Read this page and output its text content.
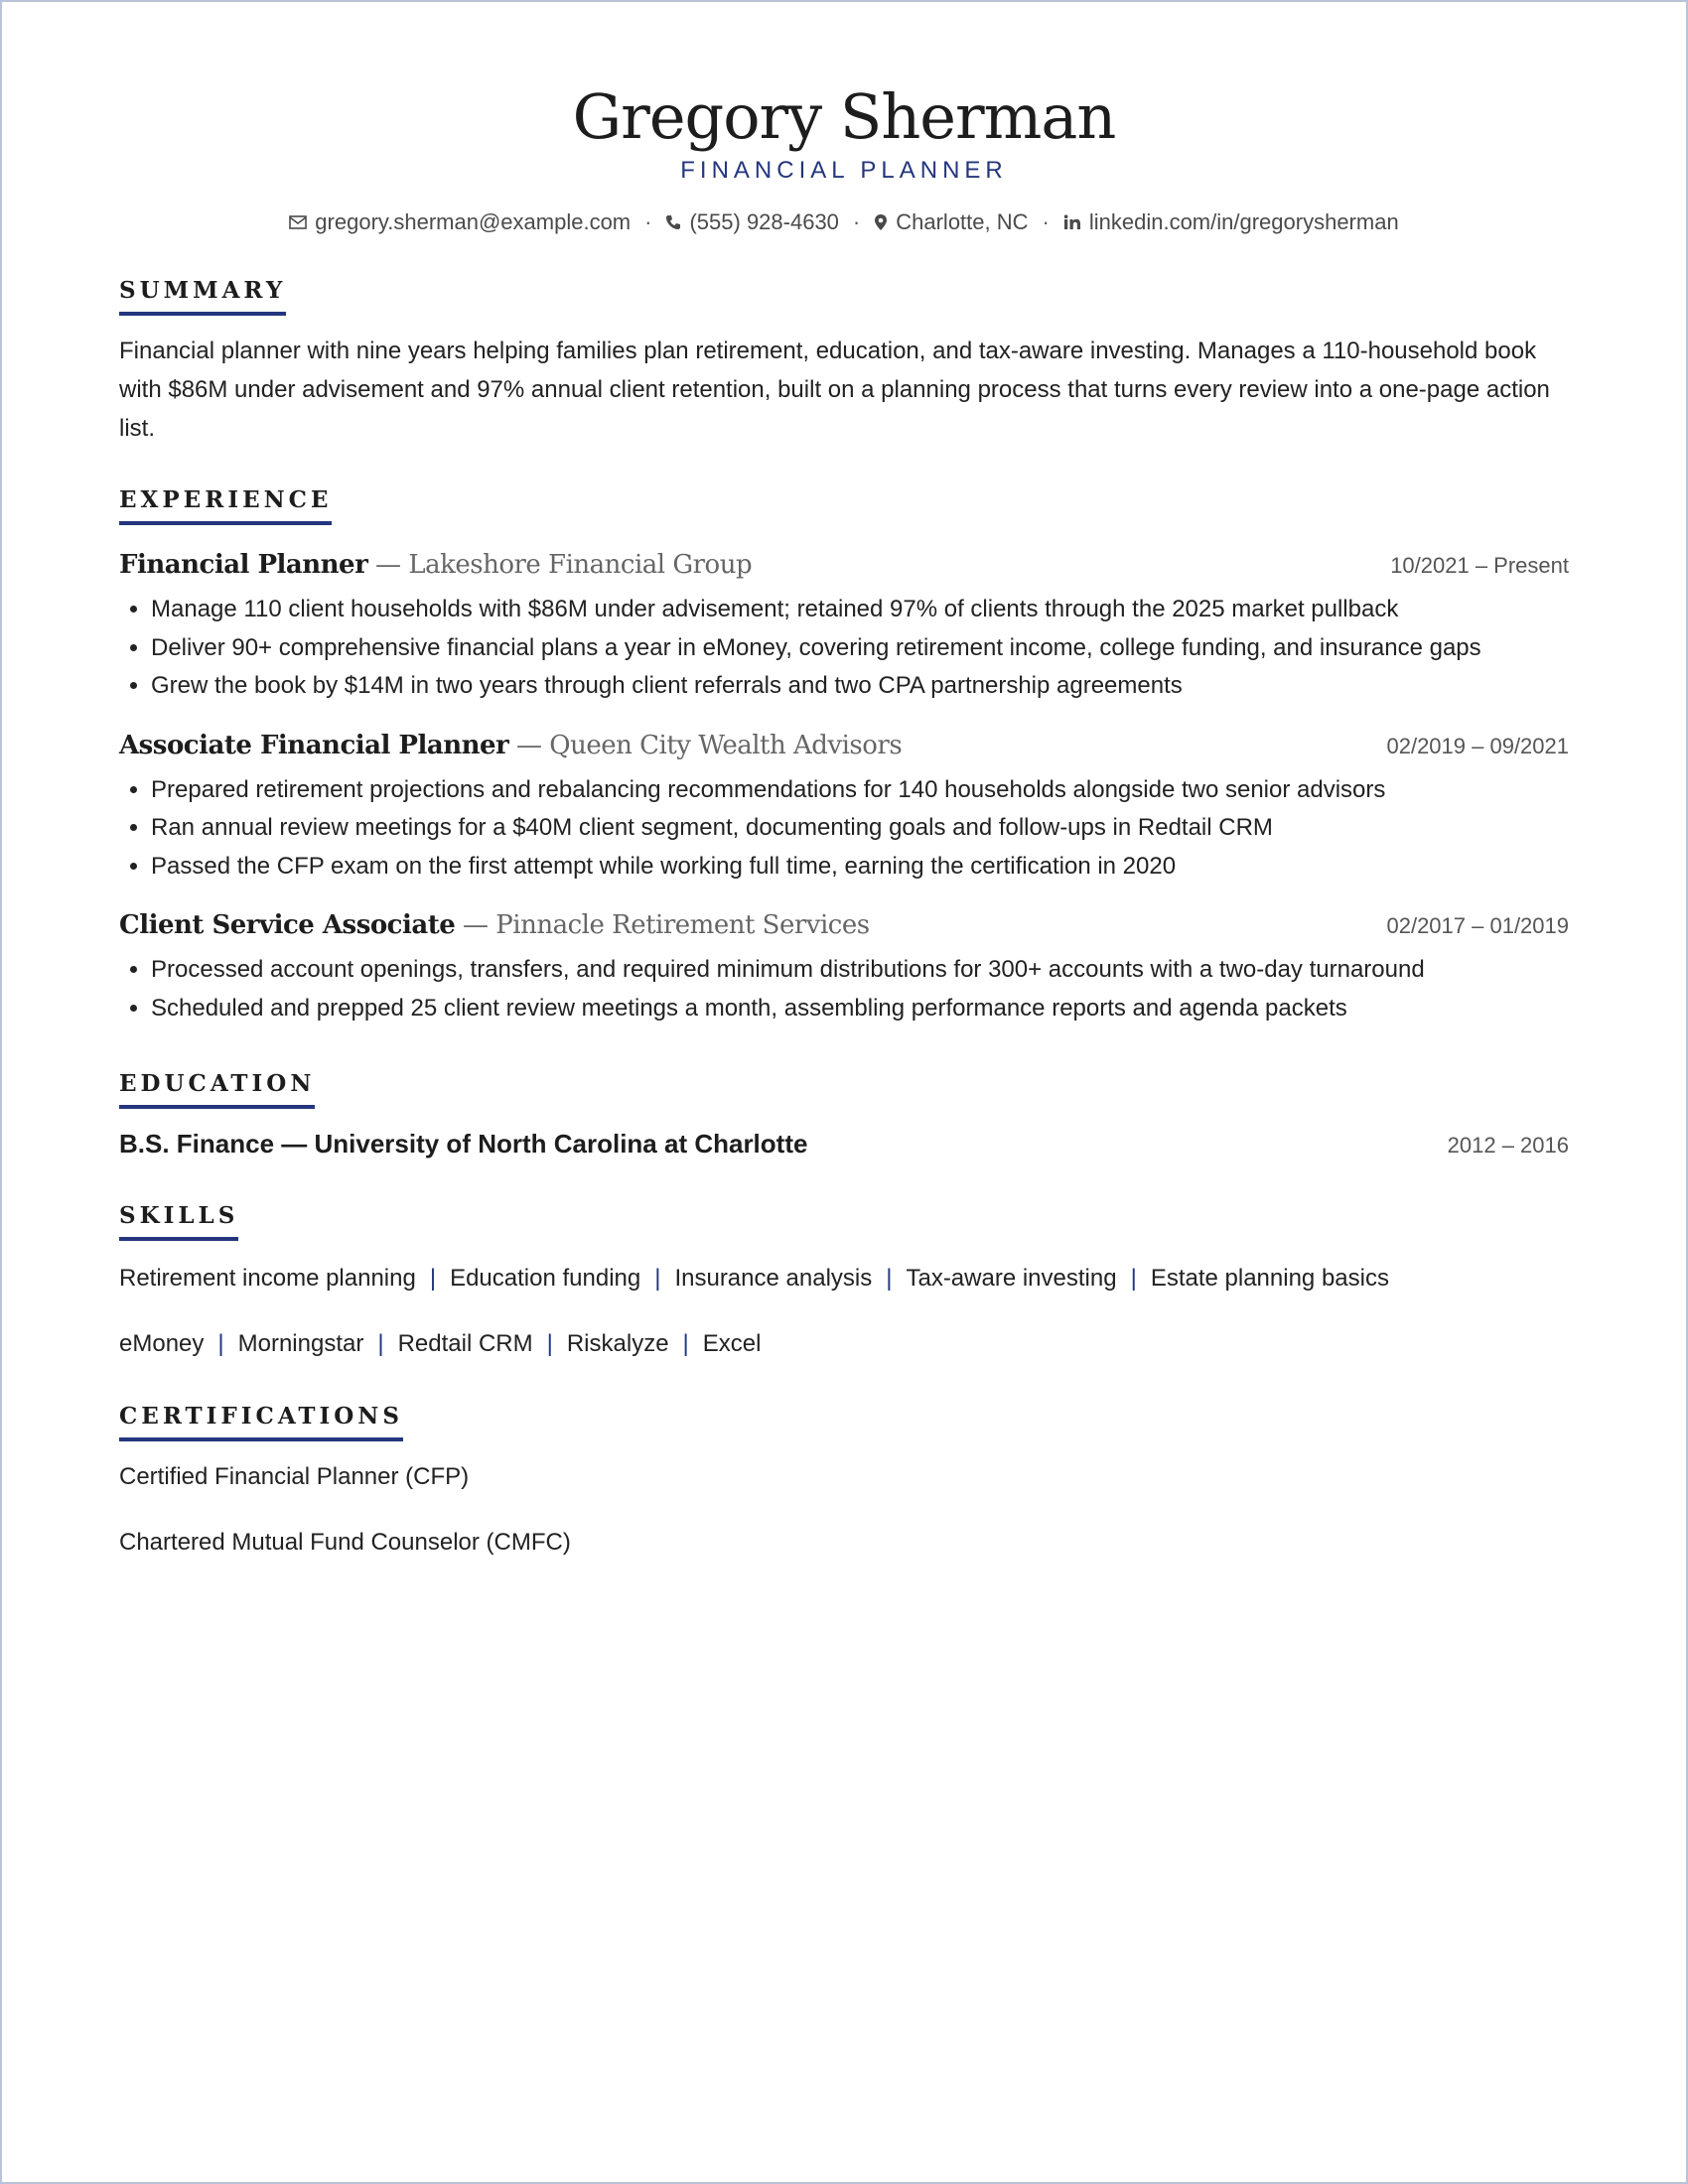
Gregory Sherman
FINANCIAL PLANNER
gregory.sherman@example.com · (555) 928-4630 · Charlotte, NC · linkedin.com/in/gregorysherman
SUMMARY
Financial planner with nine years helping families plan retirement, education, and tax-aware investing. Manages a 110-household book with $86M under advisement and 97% annual client retention, built on a planning process that turns every review into a one-page action list.
EXPERIENCE
Financial Planner — Lakeshore Financial Group	10/2021 – Present
• Manage 110 client households with $86M under advisement; retained 97% of clients through the 2025 market pullback
• Deliver 90+ comprehensive financial plans a year in eMoney, covering retirement income, college funding, and insurance gaps
• Grew the book by $14M in two years through client referrals and two CPA partnership agreements
Associate Financial Planner — Queen City Wealth Advisors	02/2019 – 09/2021
• Prepared retirement projections and rebalancing recommendations for 140 households alongside two senior advisors
• Ran annual review meetings for a $40M client segment, documenting goals and follow-ups in Redtail CRM
• Passed the CFP exam on the first attempt while working full time, earning the certification in 2020
Client Service Associate — Pinnacle Retirement Services	02/2017 – 01/2019
• Processed account openings, transfers, and required minimum distributions for 300+ accounts with a two-day turnaround
• Scheduled and prepped 25 client review meetings a month, assembling performance reports and agenda packets
EDUCATION
B.S. Finance — University of North Carolina at Charlotte	2012 – 2016
SKILLS
Retirement income planning | Education funding | Insurance analysis | Tax-aware investing | Estate planning basics
eMoney | Morningstar | Redtail CRM | Riskalyze | Excel
CERTIFICATIONS
Certified Financial Planner (CFP)
Chartered Mutual Fund Counselor (CMFC)
